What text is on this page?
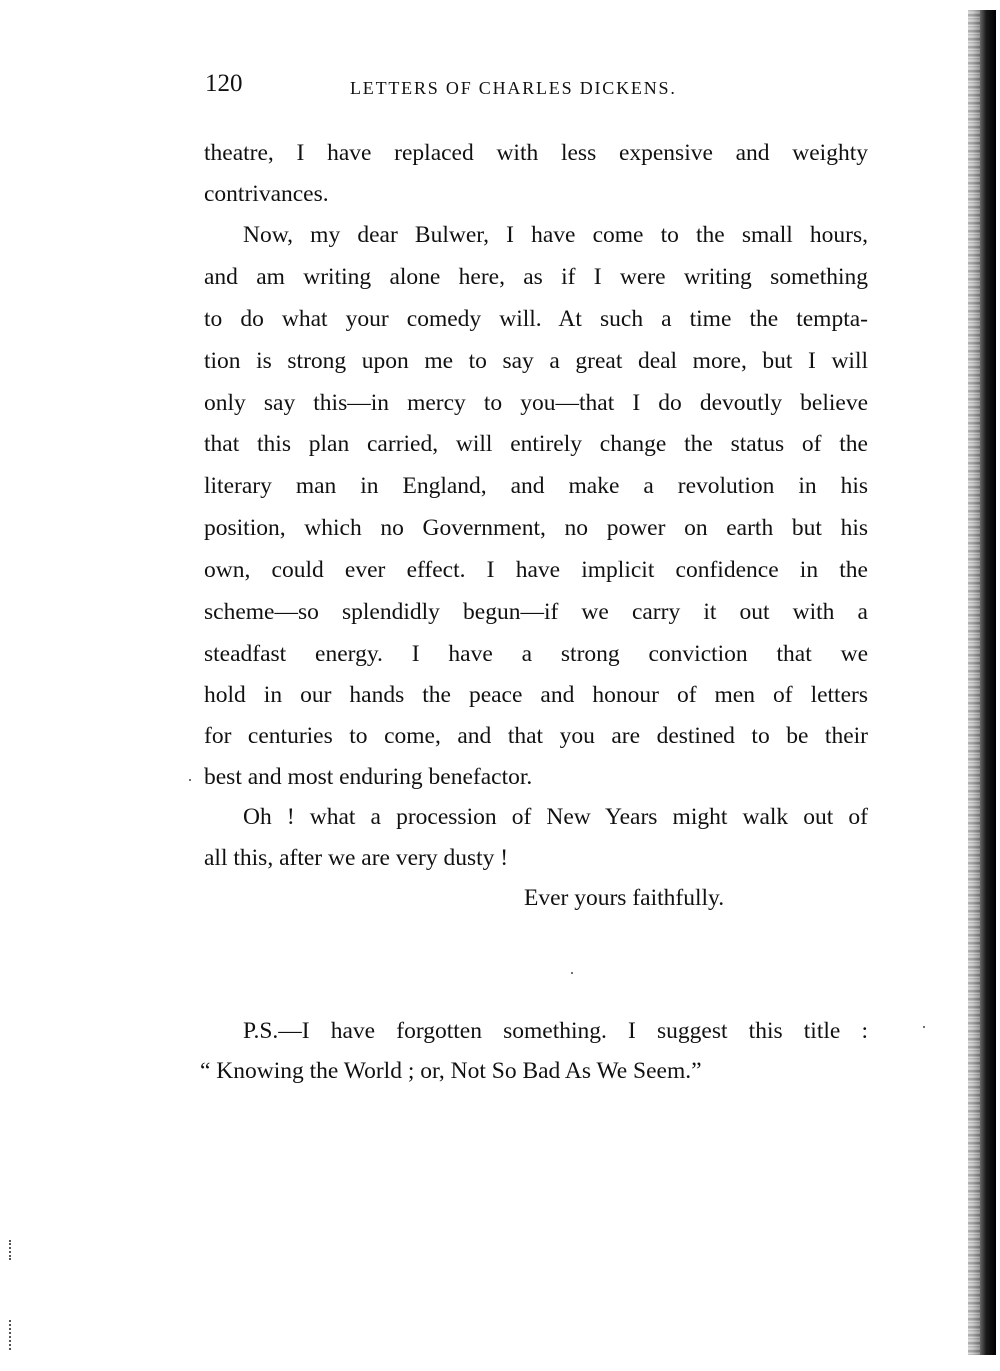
120	LETTERS OF CHARLES DICKENS.
theatre, I have replaced with less expensive and weighty
contrivances.
Now, my dear Bulwer, I have come to the small hours,
and am writing alone here, as if I were writing something
to do what your comedy will. At such a time the tempta-
tion is strong upon me to say a great deal more, but I will
only say this—in mercy to you—that I do devoutly believe
that this plan carried, will entirely change the status of the
literary man in England, and make a revolution in his
position, which no Government, no power on earth but his
own, could ever effect. I have implicit confidence in the
scheme—so splendidly begun—if we carry it out with a
steadfast energy. I have a strong conviction that we
hold in our hands the peace and honour of men of letters
for centuries to come, and that you are destined to be their
best and most enduring benefactor.
Oh ! what a procession of New Years might walk out of
all this, after we are very dusty !
Ever yours faithfully.
P.S.—I have forgotten something. I suggest this title :
“ Knowing the World ; or, Not So Bad As We Seem.”
